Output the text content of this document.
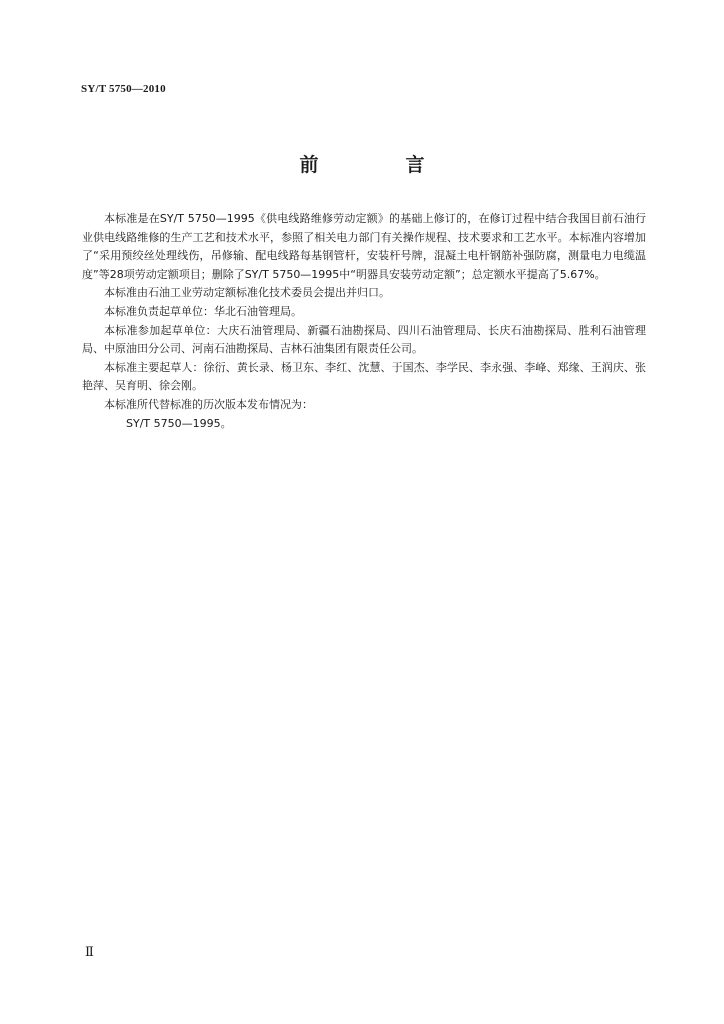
SY/T 5750—2010
前　言

本标准是在SY/T 5750—1995《供电线路维修劳动定额》的基础上修订的，在修订过程中结合我国目前石油行业供电线路维修的生产工艺和技术水平，参照了相关电力部门有关操作规程、技术要求和工艺水平。本标准内容增加了“采用预绞丝处理线伤，吊修输、配电线路每基钢管杆，安装杆号牌，混凝土电杆钢筋补强防腐，测量电力电缆温度”等28项劳动定额项目；删除了SY/T 5750—1995中“明器具安装劳动定额”；总定额水平提高了5.67%。

本标准由石油工业劳动定额标准化技术委员会提出并归口。

本标准负责起草单位：华北石油管理局。

本标准参加起草单位：大庆石油管理局、新疆石油勘探局、四川石油管理局、长庆石油勘探局、胜利石油管理局、中原油田分公司、河南石油勘探局、吉林石油集团有限责任公司。

本标准主要起草人：徐衍、黄长录、杨卫东、李红、沈慧、于国杰、李学民、李永强、李峰、郑缘、王润庆、张艳萍、吴育明、徐会刚。

本标准所代替标准的历次版本发布情况为：

SY/T 5750—1995。

Ⅱ
